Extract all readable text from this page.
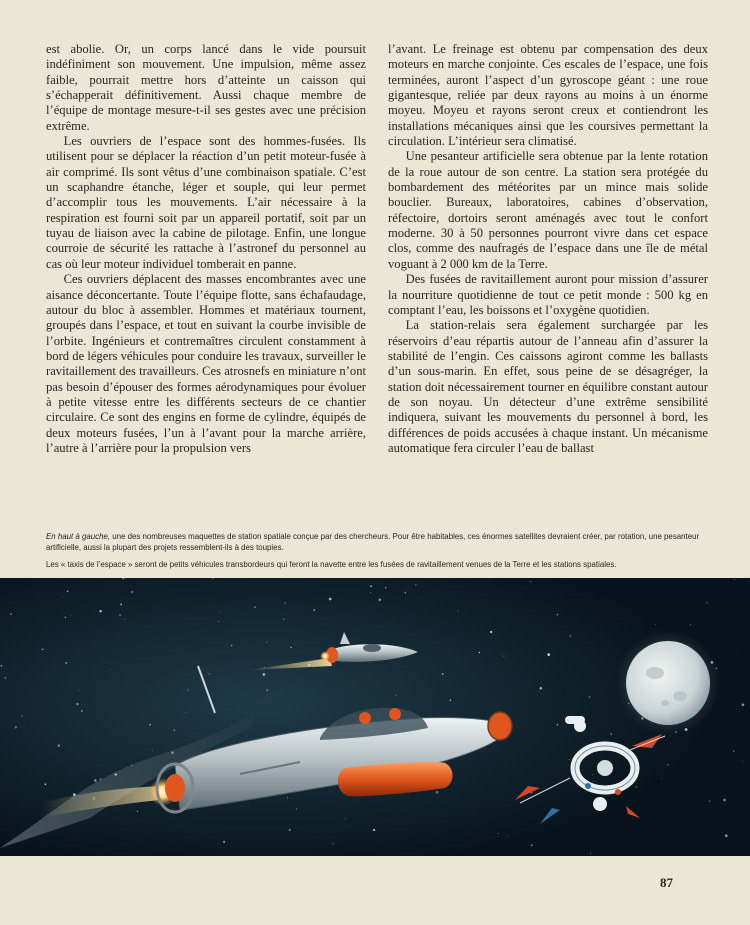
est abolie. Or, un corps lancé dans le vide poursuit indéfiniment son mouvement. Une impulsion, même assez faible, pourrait mettre hors d’atteinte un caisson qui s’échapperait définitivement. Aussi chaque membre de l’équipe de montage mesure-t-il ses gestes avec une précision extrême.

Les ouvriers de l’espace sont des hommes-fusées. Ils utilisent pour se déplacer la réaction d’un petit moteur-fusée à air comprimé. Ils sont vêtus d’une combinaison spatiale. C’est un scaphandre étanche, léger et souple, qui leur permet d’accomplir tous les mouvements. L’air nécessaire à la respiration est fourni soit par un appareil portatif, soit par un tuyau de liaison avec la cabine de pilotage. Enfin, une longue courroie de sécurité les rattache à l’astronef du personnel au cas où leur moteur individuel tomberait en panne.

Ces ouvriers déplacent des masses encombrantes avec une aisance déconcertante. Toute l’équipe flotte, sans échafaudage, autour du bloc à assembler. Hommes et matériaux tournent, groupés dans l’espace, et tout en suivant la courbe invisible de l’orbite. Ingénieurs et contremaîtres circulent constamment à bord de légers véhicules pour conduire les travaux, surveiller le ravitaillement des travailleurs. Ces atrosnefs en miniature n’ont pas besoin d’épouser des formes aérodynamiques pour évoluer à petite vitesse entre les différents secteurs de ce chantier circulaire. Ce sont des engins en forme de cylindre, équipés de deux moteurs fusées, l’un à l’avant pour la marche arrière, l’autre à l’arrière pour la propulsion vers

l’avant. Le freinage est obtenu par compensation des deux moteurs en marche conjointe. Ces escales de l’espace, une fois terminées, auront l’aspect d’un gyroscope géant : une roue gigantesque, reliée par deux rayons au moins à un énorme moyeu. Moyeu et rayons seront creux et contiendront les installations mécaniques ainsi que les coursives permettant la circulation. L’intérieur sera climatisé.

Une pesanteur artificielle sera obtenue par la lente rotation de la roue autour de son centre. La station sera protégée du bombardement des météorites par un mince mais solide bouclier. Bureaux, laboratoires, cabines d’observation, réfectoire, dortoirs seront aménagés avec tout le confort moderne. 30 à 50 personnes pourront vivre dans cet espace clos, comme des naufragés de l’espace dans une île de métal voguant à 2 000 km de la Terre.

Des fusées de ravitaillement auront pour mission d’assurer la nourriture quotidienne de tout ce petit monde : 500 kg en comptant l’eau, les boissons et l’oxygène quotidien.

La station-relais sera également surchargée par les réservoirs d’eau répartis autour de l’anneau afin d’assurer la stabilité de l’engin. Ces caissons agiront comme les ballasts d’un sous-marin. En effet, sous peine de se désagréger, la station doit nécessairement tourner en équilibre constant autour de son noyau. Un détecteur d’une extrême sensibilité indiquera, suivant les mouvements du personnel à bord, les différences de poids accusées à chaque instant. Un mécanisme automatique fera circuler l’eau de ballast

En haut à gauche, une des nombreuses maquettes de station spatiale conçue par des chercheurs. Pour être habitables, ces énormes satellites devraient créer, par rotation, une pesanteur artificielle, aussi la plupart des projets ressemblent-ils à des toupies.
Les « taxis de l’espace » seront de petits véhicules transbordeurs qui feront la navette entre les fusées de ravitaillement venues de la Terre et les stations spatiales.
87
